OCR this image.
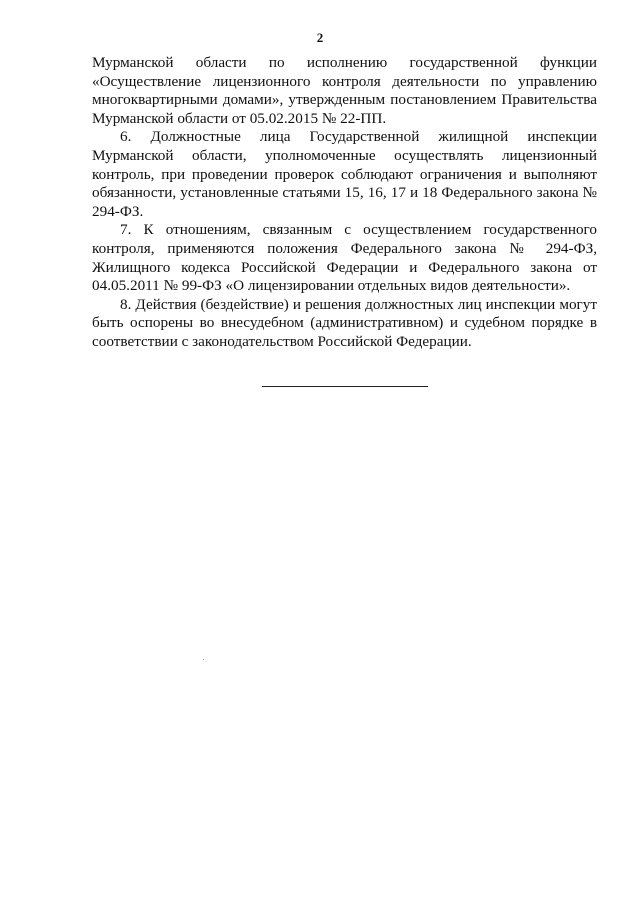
2

Мурманской области по исполнению государственной функции «Осуществление лицензионного контроля деятельности по управлению многоквартирными домами», утвержденным постановлением Правительства Мурманской области от 05.02.2015 № 22-ПП.

6. Должностные лица Государственной жилищной инспекции Мурманской области, уполномоченные осуществлять лицензионный контроль, при проведении проверок соблюдают ограничения и выполняют обязанности, установленные статьями 15, 16, 17 и 18 Федерального закона № 294-ФЗ.

7. К отношениям, связанным с осуществлением государственного контроля, применяются положения Федерального закона № 294-ФЗ, Жилищного кодекса Российской Федерации и Федерального закона от 04.05.2011 № 99-ФЗ «О лицензировании отдельных видов деятельности».

8. Действия (бездействие) и решения должностных лиц инспекции могут быть оспорены во внесудебном (административном) и судебном порядке в соответствии с законодательством Российской Федерации.
